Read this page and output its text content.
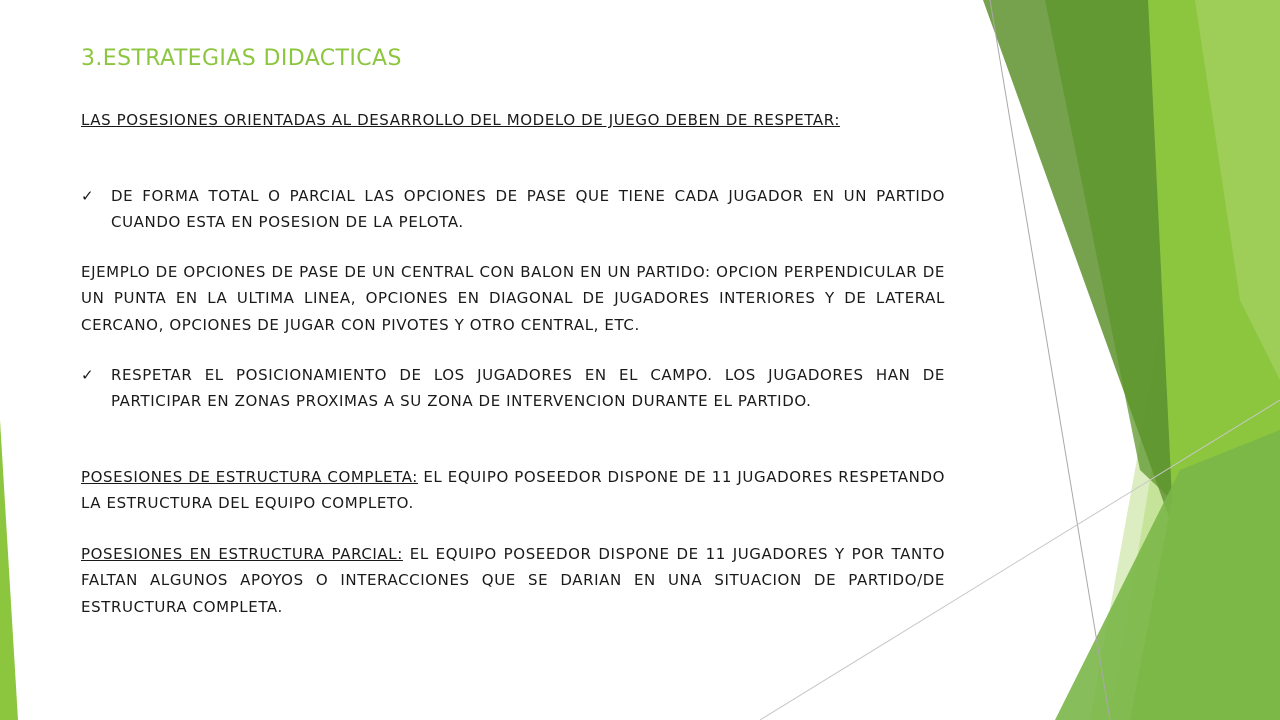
3.ESTRATEGIAS DIDACTICAS

LAS POSESIONES ORIENTADAS AL DESARROLLO DEL MODELO DE JUEGO DEBEN DE RESPETAR:

✓ DE FORMA TOTAL O PARCIAL LAS OPCIONES DE PASE QUE TIENE CADA JUGADOR EN UN PARTIDO CUANDO ESTA EN POSESION DE LA PELOTA.

EJEMPLO DE OPCIONES DE PASE DE UN CENTRAL CON BALON EN UN PARTIDO: OPCION PERPENDICULAR DE UN PUNTA EN LA ULTIMA LINEA, OPCIONES EN DIAGONAL DE JUGADORES INTERIORES Y DE LATERAL CERCANO, OPCIONES DE JUGAR CON PIVOTES Y OTRO CENTRAL, ETC.

✓ RESPETAR EL POSICIONAMIENTO DE LOS JUGADORES EN EL CAMPO. LOS JUGADORES HAN DE PARTICIPAR EN ZONAS PROXIMAS A SU ZONA DE INTERVENCION DURANTE EL PARTIDO.

POSESIONES DE ESTRUCTURA COMPLETA: EL EQUIPO POSEEDOR DISPONE DE 11 JUGADORES RESPETANDO LA ESTRUCTURA DEL EQUIPO COMPLETO.

POSESIONES EN ESTRUCTURA PARCIAL: EL EQUIPO POSEEDOR DISPONE DE 11 JUGADORES Y POR TANTO FALTAN ALGUNOS APOYOS O INTERACCIONES QUE SE DARIAN EN UNA SITUACION DE PARTIDO/DE ESTRUCTURA COMPLETA.
